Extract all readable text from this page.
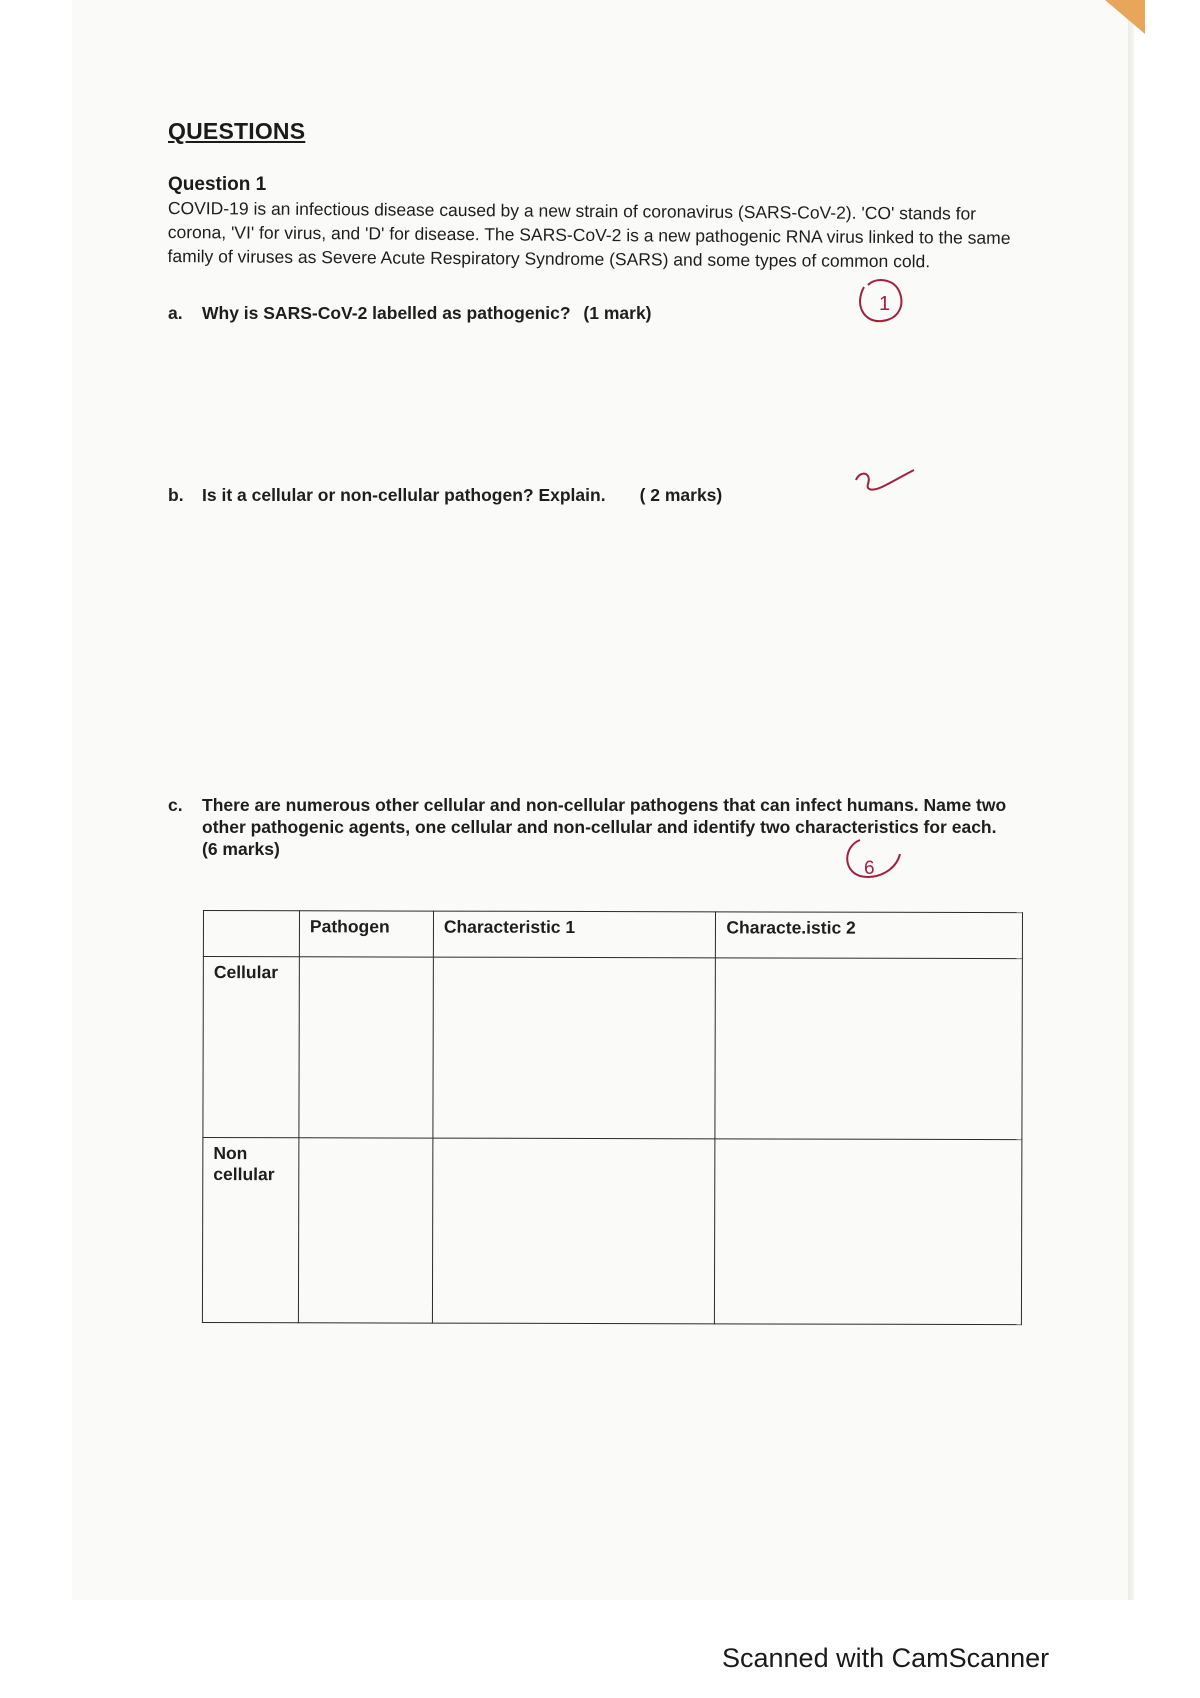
QUESTIONS
Question 1
COVID-19 is an infectious disease caused by a new strain of coronavirus (SARS-CoV-2). 'CO' stands for
corona, 'VI' for virus, and 'D' for disease. The SARS-CoV-2 is a new pathogenic RNA virus linked to the same
family of viruses as Severe Acute Respiratory Syndrome (SARS) and some types of common cold.
a. Why is SARS-CoV-2 labelled as pathogenic? (1 mark)	1
b. Is it a cellular or non-cellular pathogen? Explain. ( 2 marks)
c. There are numerous other cellular and non-cellular pathogens that can infect humans. Name two
other pathogenic agents, one cellular and non-cellular and identify two characteristics for each.
(6 marks)
6
	Pathogen	Characteristic 1	Characte.istic 2
Cellular			
Non cellular			
Scanned with CamScanner
